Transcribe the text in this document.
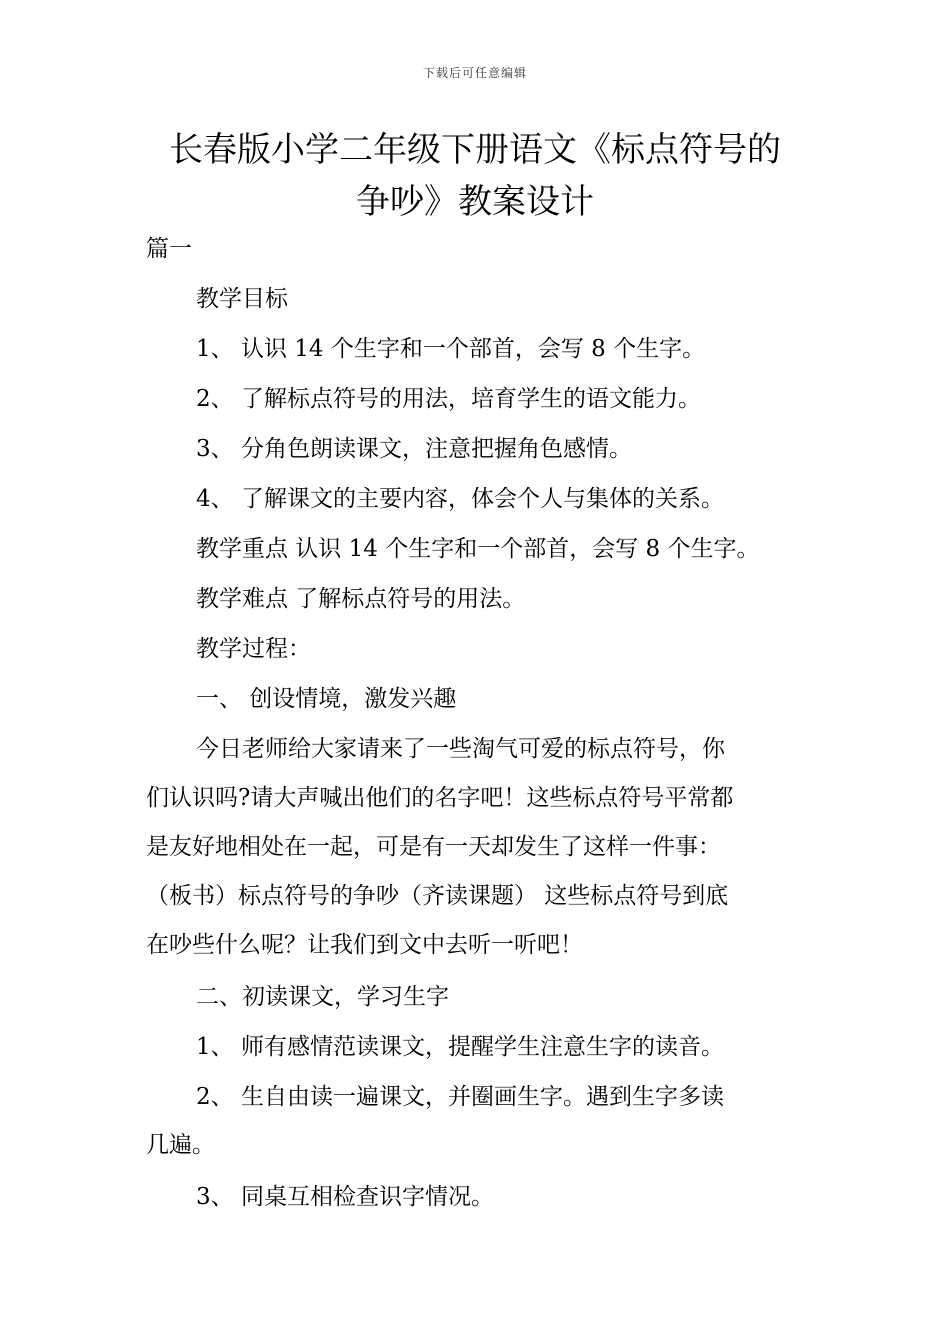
下载后可任意编辑
长春版小学二年级下册语文《标点符号的
争吵》教案设计
篇一
教学目标
1、 认识 14 个生字和一个部首，会写 8 个生字。
2、 了解标点符号的用法，培育学生的语文能力。
3、 分角色朗读课文，注意把握角色感情。
4、 了解课文的主要内容，体会个人与集体的关系。
教学重点 认识 14 个生字和一个部首，会写 8 个生字。
教学难点 了解标点符号的用法。
教学过程：
一、 创设情境，激发兴趣
今日老师给大家请来了一些淘气可爱的标点符号，你
们认识吗?请大声喊出他们的名字吧！这些标点符号平常都
是友好地相处在一起，可是有一天却发生了这样一件事：
（板书）标点符号的争吵（齐读课题） 这些标点符号到底
在吵些什么呢？让我们到文中去听一听吧！
二、初读课文，学习生字
1、 师有感情范读课文，提醒学生注意生字的读音。
2、 生自由读一遍课文，并圈画生字。遇到生字多读
几遍。
3、 同桌互相检查识字情况。
